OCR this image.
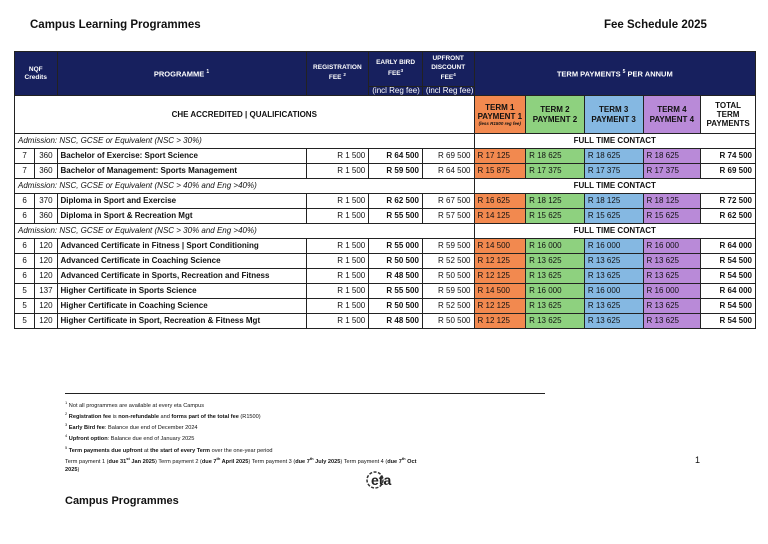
Campus Learning Programmes	Fee Schedule 2025
NQF Credits		PROGRAMME $^1$	REGISTRATION FEE $^2$	EARLY BIRD FEE$^3$	UPFRONT DISCOUNT FEE$^4$	TERM PAYMENTS $^5$ PER ANNUM				
				(incl Reg fee)	(incl Reg fee)					
CHE ACCREDITED | QUALIFICATIONS						TERM 1 PAYMENT 1
(less R1500 reg fee)	TERM 2 PAYMENT 2	TERM 3 PAYMENT 3	TERM 4 PAYMENT 4	TOTAL TERM PAYMENTS
Admission: NSC, GCSE or Equivalent (NSC > 30%)						FULL TIME CONTACT				
7	360	Bachelor of Exercise: Sport Science	R 1 500	R 64 500	R 69 500	R 17 125	R 18 625	R 18 625	R 18 625	R 74 500
7	360	Bachelor of Management: Sports Management	R 1 500	R 59 500	R 64 500	R 15 875	R 17 375	R 17 375	R 17 375	R 69 500
Admission: NSC, GCSE or Equivalent (NSC > 40% and Eng >40%)						FULL TIME CONTACT				
6	370	Diploma in Sport and Exercise	R 1 500	R 62 500	R 67 500	R 16 625	R 18 125	R 18 125	R 18 125	R 72 500
6	360	Diploma in Sport & Recreation Mgt	R 1 500	R 55 500	R 57 500	R 14 125	R 15 625	R 15 625	R 15 625	R 62 500
Admission: NSC, GCSE or Equivalent (NSC > 30% and Eng >40%)						FULL TIME CONTACT				
6	120	Advanced Certificate in Fitness | Sport Conditioning	R 1 500	R 55 000	R 59 500	R 14 500	R 16 000	R 16 000	R 16 000	R 64 000
6	120	Advanced Certificate in Coaching Science	R 1 500	R 50 500	R 52 500	R 12 125	R 13 625	R 13 625	R 13 625	R 54 500
6	120	Advanced Certificate in Sports, Recreation and Fitness	R 1 500	R 48 500	R 50 500	R 12 125	R 13 625	R 13 625	R 13 625	R 54 500
5	137	Higher Certificate in Sports Science	R 1 500	R 55 500	R 59 500	R 14 500	R 16 000	R 16 000	R 16 000	R 64 000
5	120	Higher Certificate in Coaching Science	R 1 500	R 50 500	R 52 500	R 12 125	R 13 625	R 13 625	R 13 625	R 54 500
5	120	Higher Certificate in Sport, Recreation & Fitness Mgt	R 1 500	R 48 500	R 50 500	R 12 125	R 13 625	R 13 625	R 13 625	R 54 500
$^1$ Not all programmes are available at every eta Campus
$^2$ Registration fee is non-refundable and forms part of the total fee (R1500)
$^3$ Early Bird fee: Balance due end of December 2024
$^4$ Upfront option: Balance due end of January 2025
$^5$ Term payments due upfront at the start of every Term over the one-year period
Term payment 1 (due 31st Jan 2025) Term payment 2 (due 7th April 2025) Term payment 3 (due 7th July 2025) Term payment 4 (due 7th Oct
2025)
1
eta
Campus Programmes
